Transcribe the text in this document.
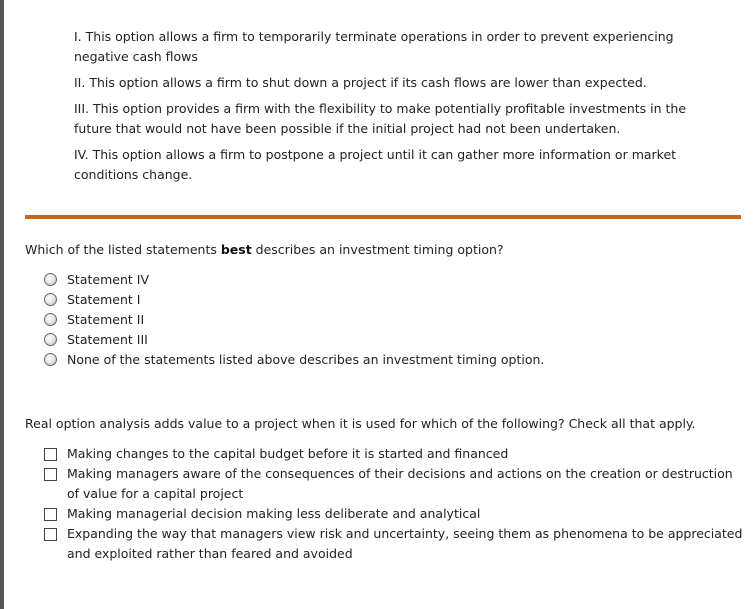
I. This option allows a firm to temporarily terminate operations in order to prevent experiencing negative cash flows

II. This option allows a firm to shut down a project if its cash flows are lower than expected.

III. This option provides a firm with the flexibility to make potentially profitable investments in the future that would not have been possible if the initial project had not been undertaken.

IV. This option allows a firm to postpone a project until it can gather more information or market conditions change.

Which of the listed statements best describes an investment timing option?
Statement IV
Statement I
Statement II
Statement III
None of the statements listed above describes an investment timing option.
Real option analysis adds value to a project when it is used for which of the following? Check all that apply.
Making changes to the capital budget before it is started and financed
Making managers aware of the consequences of their decisions and actions on the creation or destruction of value for a capital project
Making managerial decision making less deliberate and analytical
Expanding the way that managers view risk and uncertainty, seeing them as phenomena to be appreciated and exploited rather than feared and avoided
